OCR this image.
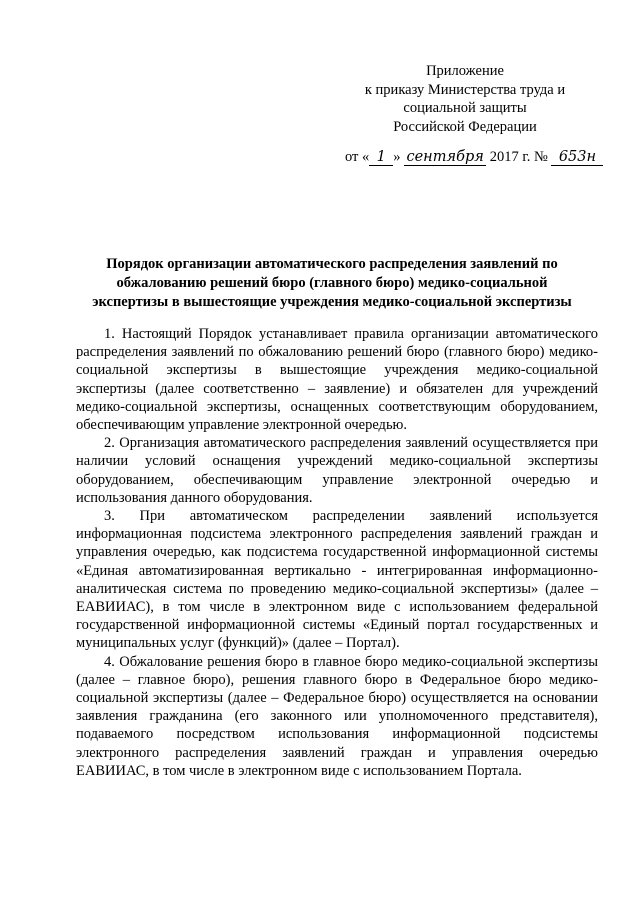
Приложение
к приказу Министерства труда и
социальной защиты
Российской Федерации
от « 1 » сентября 2017 г. № 653н
Порядок организации автоматического распределения заявлений по
обжалованию решений бюро (главного бюро) медико-социальной
экспертизы в вышестоящие учреждения медико-социальной экспертизы

1. Настоящий Порядок устанавливает правила организации автоматического распределения заявлений по обжалованию решений бюро (главного бюро) медико-социальной экспертизы в вышестоящие учреждения медико-социальной экспертизы (далее соответственно – заявление) и обязателен для учреждений медико-социальной экспертизы, оснащенных соответствующим оборудованием, обеспечивающим управление электронной очередью.

2. Организация автоматического распределения заявлений осуществляется при наличии условий оснащения учреждений медико-социальной экспертизы оборудованием, обеспечивающим управление электронной очередью и использования данного оборудования.

3. При автоматическом распределении заявлений используется информационная подсистема электронного распределения заявлений граждан и управления очередью, как подсистема государственной информационной системы «Единая автоматизированная вертикально - интегрированная информационно-аналитическая система по проведению медико-социальной экспертизы» (далее – ЕАВИИАС), в том числе в электронном виде с использованием федеральной государственной информационной системы «Единый портал государственных и муниципальных услуг (функций)» (далее – Портал).

4. Обжалование решения бюро в главное бюро медико-социальной экспертизы (далее – главное бюро), решения главного бюро в Федеральное бюро медико-социальной экспертизы (далее – Федеральное бюро) осуществляется на основании заявления гражданина (его законного или уполномоченного представителя), подаваемого посредством использования информационной подсистемы электронного распределения заявлений граждан и управления очередью ЕАВИИАС, в том числе в электронном виде с использованием Портала.
